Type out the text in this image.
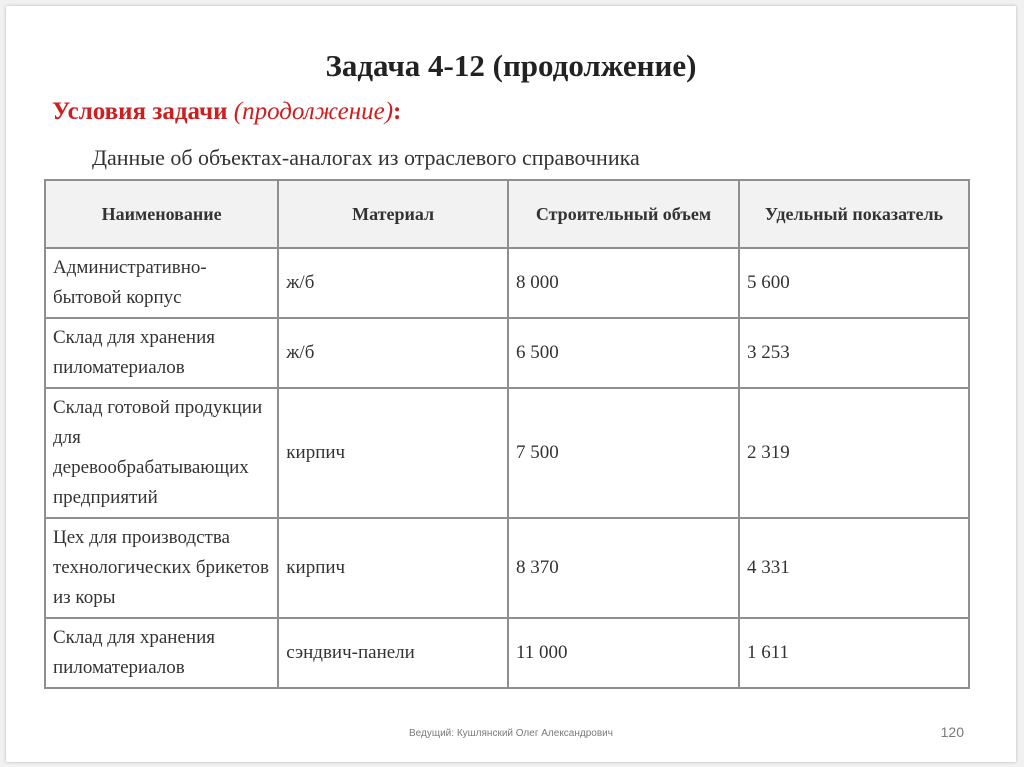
Задача 4-12 (продолжение)
Условия задачи (продолжение):
Данные об объектах-аналогах из отраслевого справочника
Наименование	Материал	Строительный объем	Удельный показатель
Административно-бытовой корпус	ж/б	8 000	5 600
Склад для хранения пиломатериалов	ж/б	6 500	3 253
Склад готовой продукции для деревообрабатывающих предприятий	кирпич	7 500	2 319
Цех для производства технологических брикетов из коры	кирпич	8 370	4 331
Склад для хранения пиломатериалов	сэндвич-панели	11 000	1 611
Ведущий: Кушлянский Олег Александрович	120
